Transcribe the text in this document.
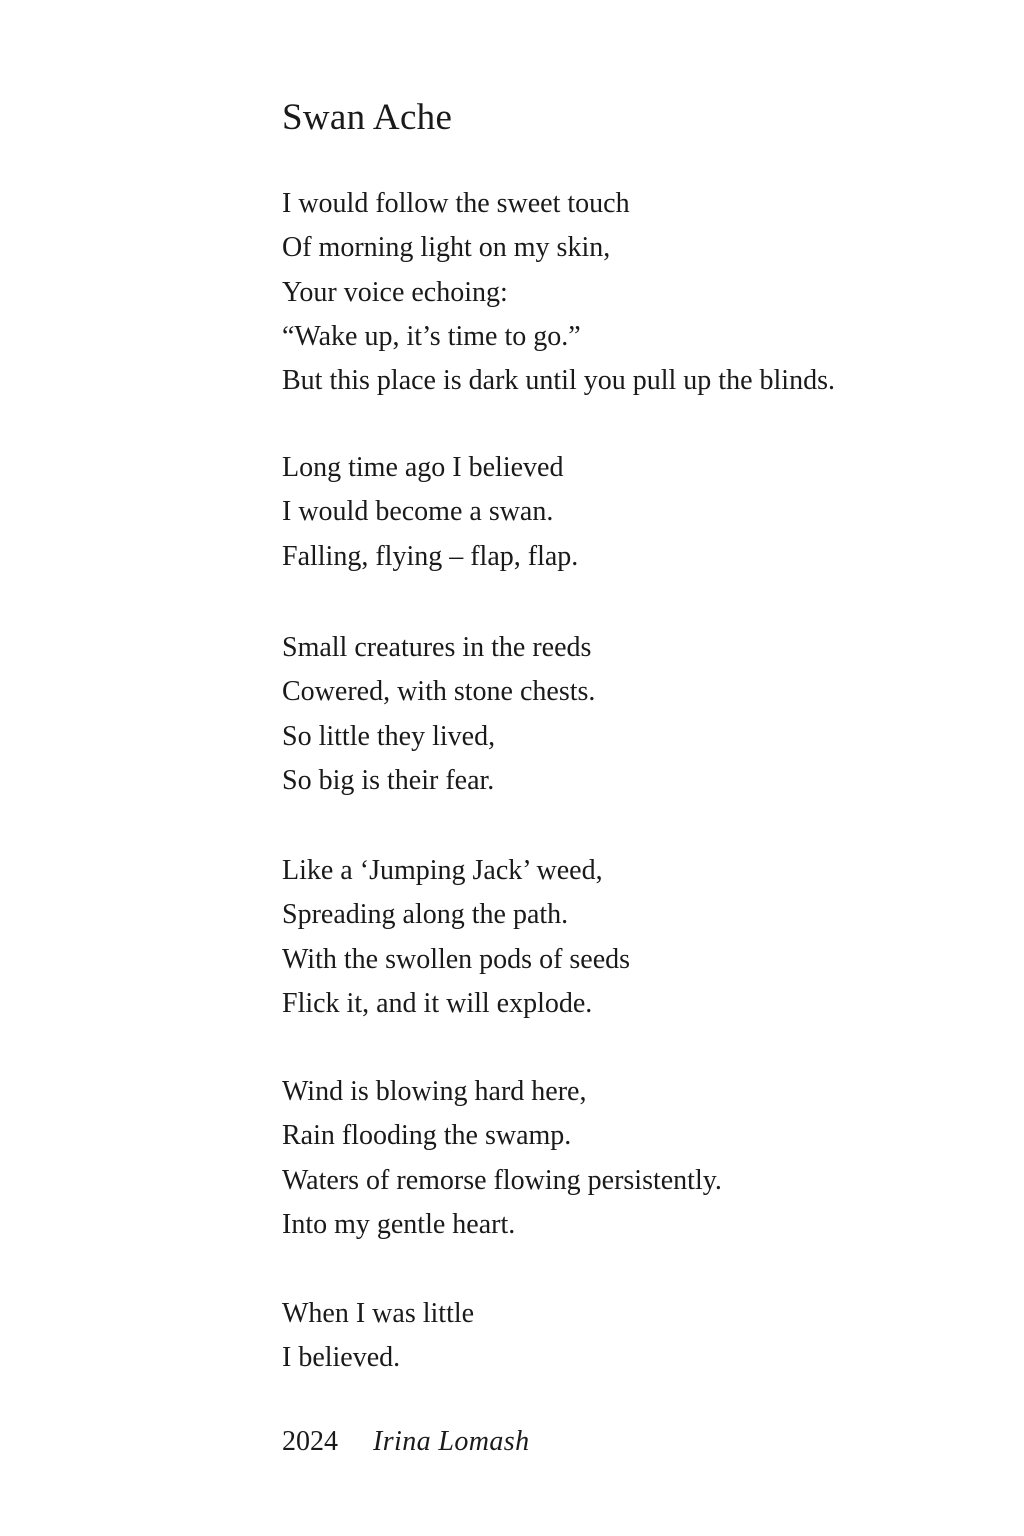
Swan Ache
I would follow the sweet touch
Of morning light on my skin,
Your voice echoing:
“Wake up, it’s time to go.”
But this place is dark until you pull up the blinds.
Long time ago I believed
I would become a swan.
Falling, flying – flap, flap.
Small creatures in the reeds
Cowered, with stone chests.
So little they lived,
So big is their fear.
Like a ‘Jumping Jack’ weed,
Spreading along the path.
With the swollen pods of seeds
Flick it, and it will explode.
Wind is blowing hard here,
Rain flooding the swamp.
Waters of remorse flowing persistently.
Into my gentle heart.
When I was little
I believed.
2024 Irina Lomash
